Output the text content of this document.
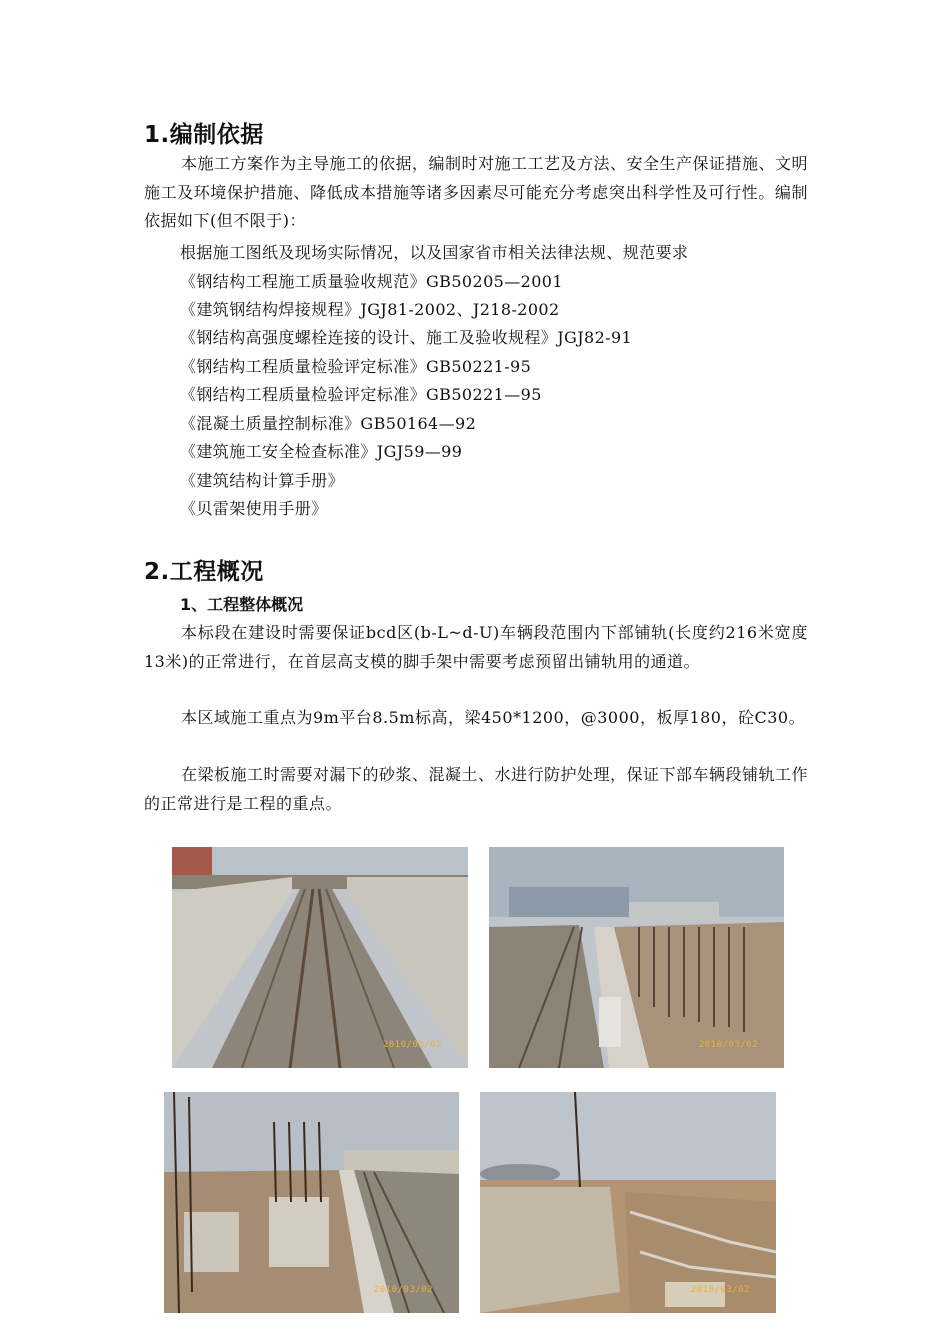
1.编制依据

本施工方案作为主导施工的依据，编制时对施工工艺及方法、安全生产保证措施、文明施工及环境保护措施、降低成本措施等诸多因素尽可能充分考虑突出科学性及可行性。编制依据如下(但不限于)：

根据施工图纸及现场实际情况，以及国家省市相关法律法规、规范要求
《钢结构工程施工质量验收规范》GB50205—2001
《建筑钢结构焊接规程》JGJ81-2002、J218-2002
《钢结构高强度螺栓连接的设计、施工及验收规程》JGJ82-91
《钢结构工程质量检验评定标准》GB50221-95
《钢结构工程质量检验评定标准》GB50221—95
《混凝土质量控制标准》GB50164—92
《建筑施工安全检查标准》JGJ59—99
《建筑结构计算手册》
《贝雷架使用手册》
2.工程概况
1、工程整体概况

本标段在建设时需要保证bcd区(b-L~d-U)车辆段范围内下部铺轨(长度约216米宽度13米)的正常进行，在首层高支模的脚手架中需要考虑预留出铺轨用的通道。

本区域施工重点为9m平台8.5m标高，梁450*1200，@3000，板厚180，砼C30。

在梁板施工时需要对漏下的砂浆、混凝土、水进行防护处理，保证下部车辆段铺轨工作的正常进行是工程的重点。

2010/03/02	2010/03/02
2010/03/02	2010/03/02
